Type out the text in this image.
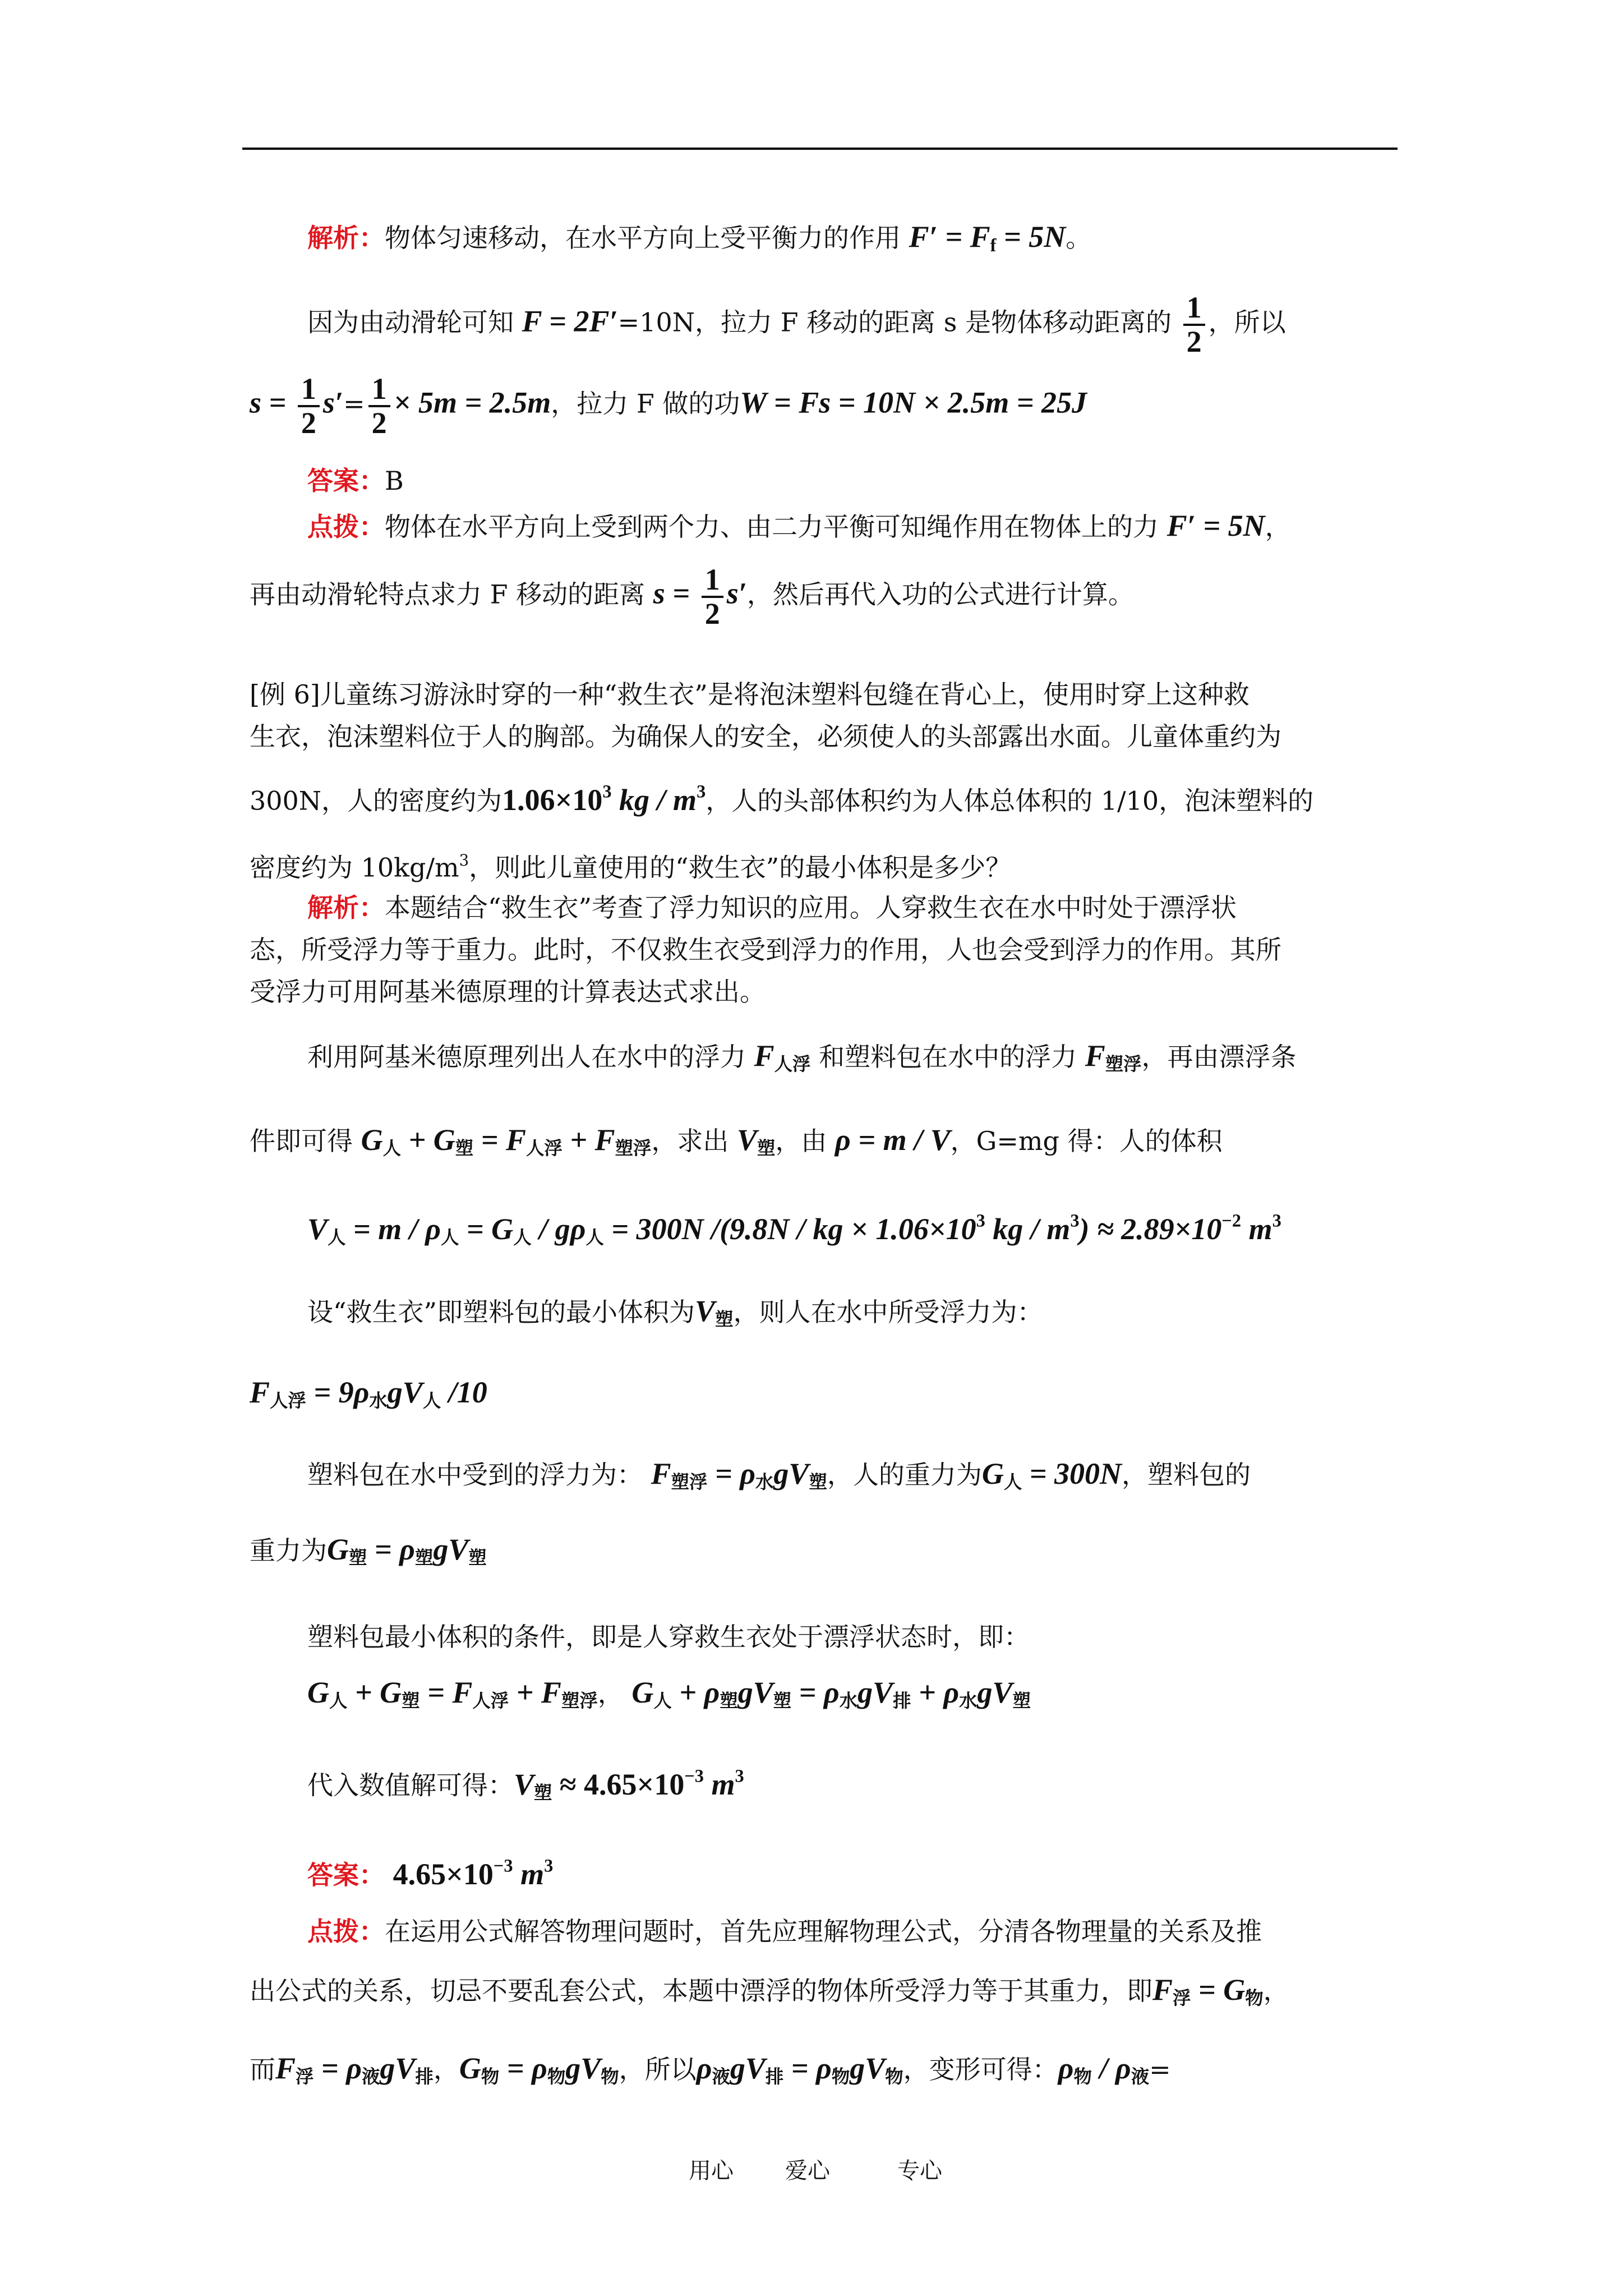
解析：物体匀速移动，在水平方向上受平衡力的作用 $F' = F_f = 5N$。
因为由动滑轮可知 F = 2F′=10N，拉力 F 移动的距离 s 是物体移动距离的 $\frac{1}{2}$ ，所以
$s = \frac{1}{2} s'= \frac{1}{2} \times 5m = 2.5m$，拉力 F 做的功W = Fs = 10N × 2.5m = 25J
答案：B
点拨：物体在水平方向上受到两个力、由二力平衡可知绳作用在物体上的力 F′ = 5N，
再由动滑轮特点求力 F 移动的距离 $s = \frac{1}{2} s'$，然后再代入功的公式进行计算。
[例 6]儿童练习游泳时穿的一种“救生衣”是将泡沫塑料包缝在背心上，使用时穿上这种救
生衣，泡沫塑料位于人的胸部。为确保人的安全，必须使人的头部露出水面。儿童体重约为
300N，人的密度约为$1.06\times 10^3$ kg / $m^3$，人的头部体积约为人体总体积的 1/10，泡沫塑料的
密度约为 $10kg/m^3$，则此儿童使用的“救生衣”的最小体积是多少？
解析：本题结合“救生衣”考查了浮力知识的应用。人穿救生衣在水中时处于漂浮状
态，所受浮力等于重力。此时，不仅救生衣受到浮力的作用，人也会受到浮力的作用。其所
受浮力可用阿基米德原理的计算表达式求出。
利用阿基米德原理列出人在水中的浮力 $F_{人浮}$ 和塑料包在水中的浮力 $F_{塑浮}$，再由漂浮条
件即可得 $G_人 + G_塑 = F_{人浮} + F_{塑浮}$，求出 $V_塑$，由 ρ = m / V，G=mg 得：人的体积
$V_人 = m / \rho_人 = G_人 / g\rho_人 = 300N$ /(9.8N / kg × $1.06\times 10^3$ kg / $m^3) \approx 2.89\times 10^{-2}$ $m^3$
设“救生衣”即塑料包的最小体积为$V_塑$，则人在水中所受浮力为：
$F_{人浮} = 9\rho_水gV_人$ /10
塑料包在水中受到的浮力为： $F_{塑浮} = \rho_水gV_塑$，人的重力为$G_人 = 300N$，塑料包的
重力为$G_塑 = \rho_塑gV_塑$
塑料包最小体积的条件，即是人穿救生衣处于漂浮状态时，即：
$G_人 + G_塑 = F_{人浮} + F_{塑浮}$， $G_人 + \rho_塑gV_塑 = \rho_水gV_排 + \rho_水gV_塑$
代入数值解可得：$V_塑 \approx 4.65\times 10^{-3}$ $m^3$
答案： $4.65\times 10^{-3}$ $m^3$
点拨：在运用公式解答物理问题时，首先应理解物理公式，分清各物理量的关系及推
出公式的关系，切忌不要乱套公式，本题中漂浮的物体所受浮力等于其重力，即$F_浮 = G_物$，
而$F_浮 = \rho_液gV_排$，$G_物 = \rho_物gV_物$，所以$\rho_液gV_排 = \rho_物gV_物$，变形可得：$\rho_物 / \rho_液=$
用心 爱心	专心
